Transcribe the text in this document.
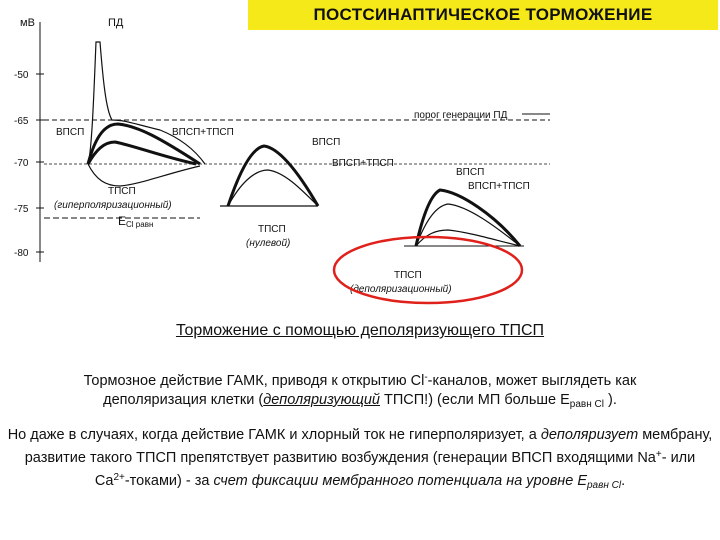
ПОСТСИНАПТИЧЕСКОЕ ТОРМОЖЕНИЕ
мВ
-50
-65
-70
-75
-80
порог генерации ПД
ПД
ВПСП	ВПСП+ТПСП
ТПСП
(гиперполяризационный)
ECl равн
ВПСП
ВПСП+ТПСП
ТПСП
(нулевой)
ВПСП
ВПСП+ТПСП
ТПСП
(деполяризационный)
Торможение с помощью деполяризующего ТПСП
Тормозное действие ГАМК, приводя к открытию Cl--каналов, может выглядеть как деполяризация клетки (деполяризующий ТПСП!) (если МП больше $Е_{равн Cl}$ ).
Но даже в случаях, когда действие ГАМК и хлорный ток не гиперполяризует, а деполяризует мембрану, развитие такого ТПСП препятствует развитию возбуждения (генерации ВПСП входящими Na+- или $Ca^{2+}-токами$) - за счет фиксации мембранного потенциала на уровне $Е_{равн Cl}$.
